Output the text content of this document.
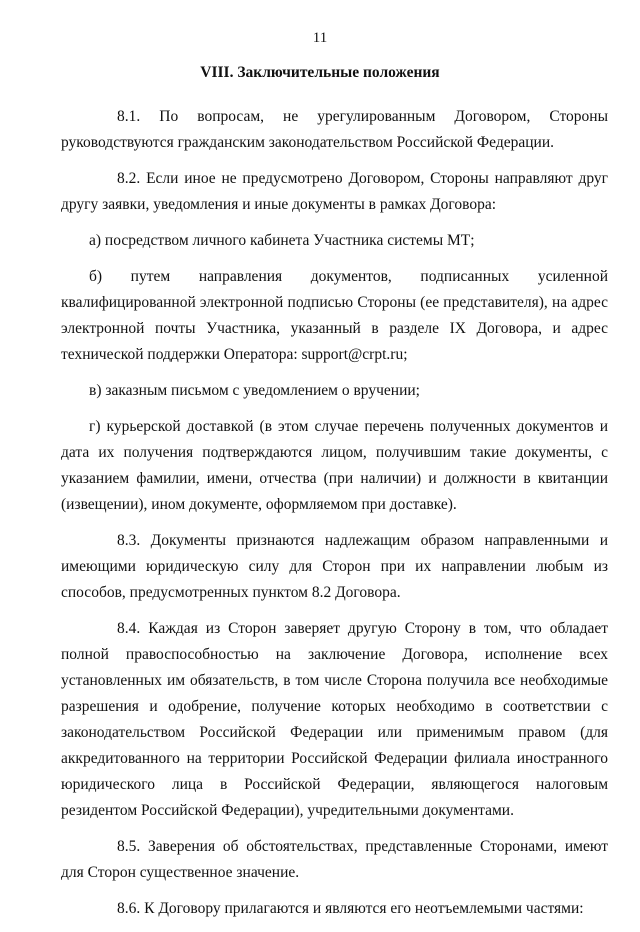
11
VIII. Заключительные положения

8.1. По вопросам, не урегулированным Договором, Стороны руководствуются гражданским законодательством Российской Федерации.

8.2. Если иное не предусмотрено Договором, Стороны направляют друг другу заявки, уведомления и иные документы в рамках Договора:

а) посредством личного кабинета Участника системы МТ;

б) путем направления документов, подписанных усиленной квалифицированной электронной подписью Стороны (ее представителя), на адрес электронной почты Участника, указанный в разделе IX Договора, и адрес технической поддержки Оператора: support@crpt.ru;

в) заказным письмом с уведомлением о вручении;

г) курьерской доставкой (в этом случае перечень полученных документов и дата их получения подтверждаются лицом, получившим такие документы, с указанием фамилии, имени, отчества (при наличии) и должности в квитанции (извещении), ином документе, оформляемом при доставке).

8.3. Документы признаются надлежащим образом направленными и имеющими юридическую силу для Сторон при их направлении любым из способов, предусмотренных пунктом 8.2 Договора.

8.4. Каждая из Сторон заверяет другую Сторону в том, что обладает полной правоспособностью на заключение Договора, исполнение всех установленных им обязательств, в том числе Сторона получила все необходимые разрешения и одобрение, получение которых необходимо в соответствии с законодательством Российской Федерации или применимым правом (для аккредитованного на территории Российской Федерации филиала иностранного юридического лица в Российской Федерации, являющегося налоговым резидентом Российской Федерации), учредительными документами.

8.5. Заверения об обстоятельствах, представленные Сторонами, имеют для Сторон существенное значение.

8.6. К Договору прилагаются и являются его неотъемлемыми частями:
